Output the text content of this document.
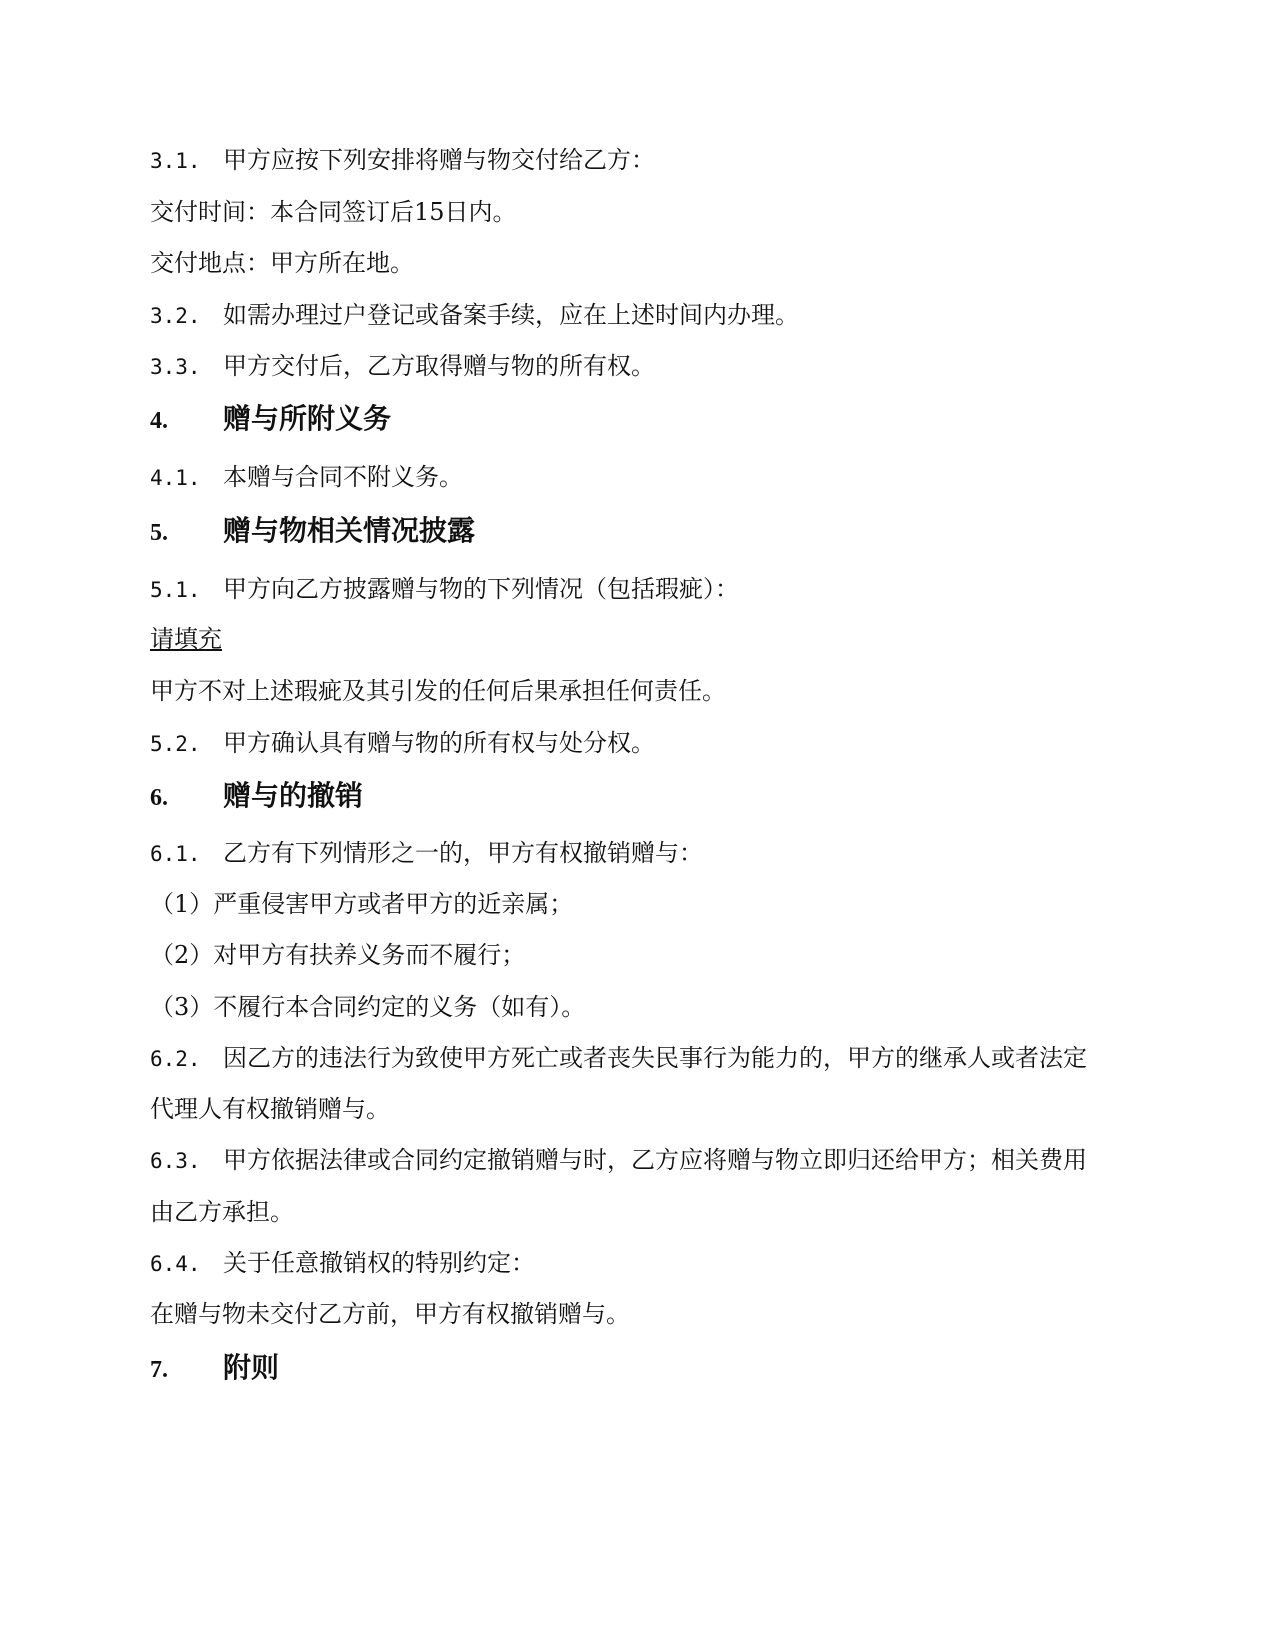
3.1. 甲方应按下列安排将赠与物交付给乙方：
交付时间：本合同签订后15日内。
交付地点：甲方所在地。
3.2. 如需办理过户登记或备案手续，应在上述时间内办理。
3.3. 甲方交付后，乙方取得赠与物的所有权。
4. 赠与所附义务
4.1. 本赠与合同不附义务。
5. 赠与物相关情况披露
5.1. 甲方向乙方披露赠与物的下列情况（包括瑕疵）：
请填充
甲方不对上述瑕疵及其引发的任何后果承担任何责任。
5.2. 甲方确认具有赠与物的所有权与处分权。
6. 赠与的撤销
6.1. 乙方有下列情形之一的，甲方有权撤销赠与：
（1）严重侵害甲方或者甲方的近亲属；
（2）对甲方有扶养义务而不履行；
（3）不履行本合同约定的义务（如有）。
6.2. 因乙方的违法行为致使甲方死亡或者丧失民事行为能力的，甲方的继承人或者法定
代理人有权撤销赠与。
6.3. 甲方依据法律或合同约定撤销赠与时，乙方应将赠与物立即归还给甲方；相关费用
由乙方承担。
6.4. 关于任意撤销权的特别约定：
在赠与物未交付乙方前，甲方有权撤销赠与。
7. 附则
